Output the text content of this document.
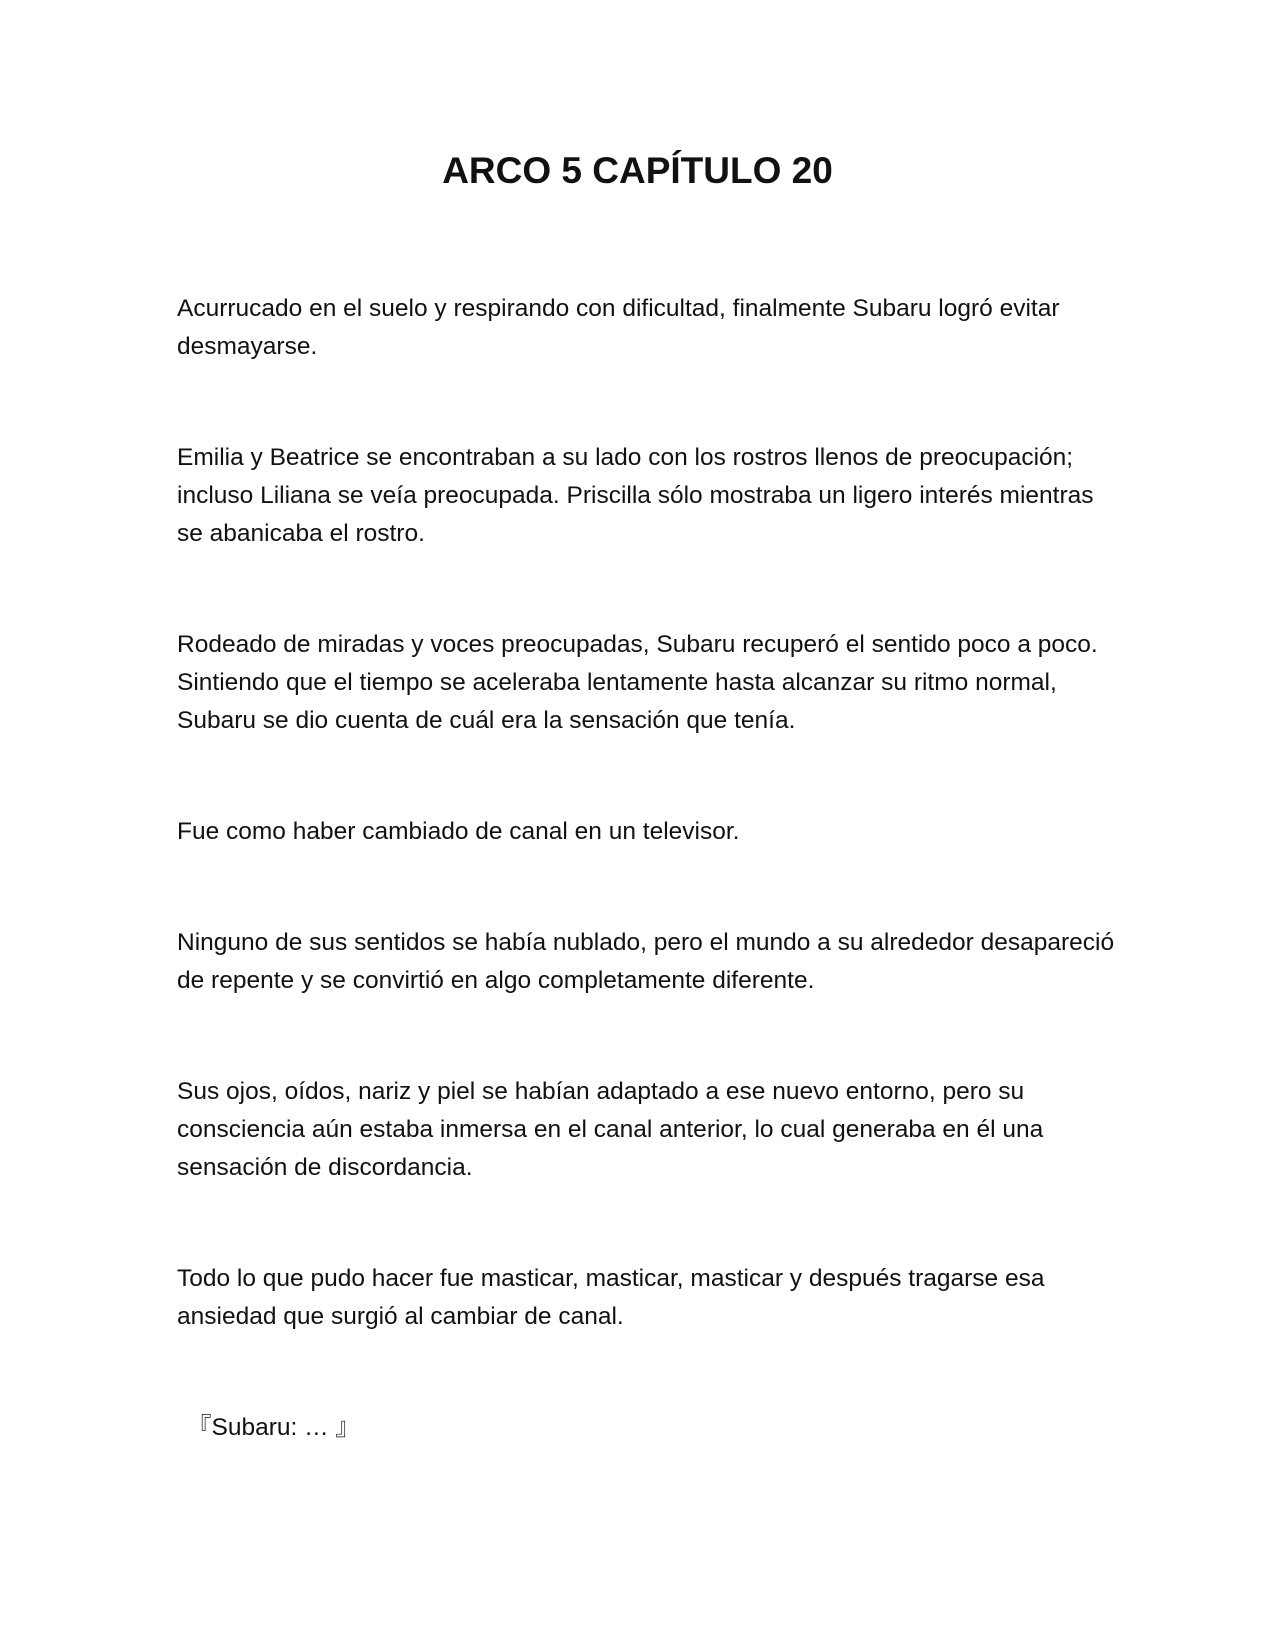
ARCO 5 CAPÍTULO 20

Acurrucado en el suelo y respirando con dificultad, finalmente Subaru logró evitar desmayarse.

Emilia y Beatrice se encontraban a su lado con los rostros llenos de preocupación; incluso Liliana se veía preocupada. Priscilla sólo mostraba un ligero interés mientras se abanicaba el rostro.

Rodeado de miradas y voces preocupadas, Subaru recuperó el sentido poco a poco. Sintiendo que el tiempo se aceleraba lentamente hasta alcanzar su ritmo normal, Subaru se dio cuenta de cuál era la sensación que tenía.

Fue como haber cambiado de canal en un televisor.

Ninguno de sus sentidos se había nublado, pero el mundo a su alrededor desapareció de repente y se convirtió en algo completamente diferente.

Sus ojos, oídos, nariz y piel se habían adaptado a ese nuevo entorno, pero su consciencia aún estaba inmersa en el canal anterior, lo cual generaba en él una sensación de discordancia.

Todo lo que pudo hacer fue masticar, masticar, masticar y después tragarse esa ansiedad que surgió al cambiar de canal.

『Subaru: … 』
